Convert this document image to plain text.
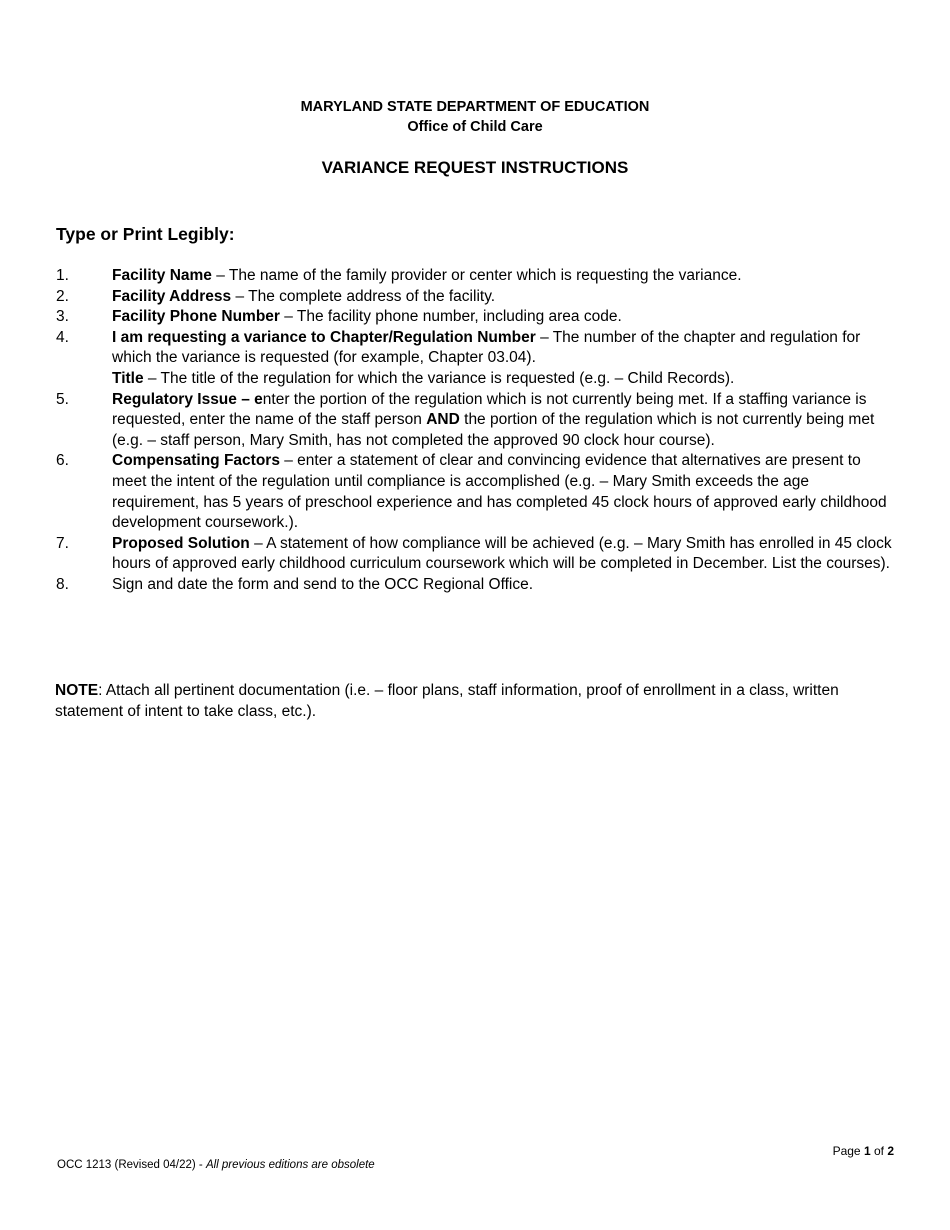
MARYLAND STATE DEPARTMENT OF EDUCATION
Office of Child Care
VARIANCE REQUEST INSTRUCTIONS
Type or Print Legibly:
1.	Facility Name – The name of the family provider or center which is requesting the variance.
2.	Facility Address – The complete address of the facility.
3.	Facility Phone Number – The facility phone number, including area code.
4.	I am requesting a variance to Chapter/Regulation Number – The number of the chapter and regulation for which the variance is requested (for example, Chapter 03.04).
Title – The title of the regulation for which the variance is requested (e.g. – Child Records).
5.	Regulatory Issue – enter the portion of the regulation which is not currently being met. If a staffing variance is requested, enter the name of the staff person AND the portion of the regulation which is not currently being met (e.g. – staff person, Mary Smith, has not completed the approved 90 clock hour course).
6.	Compensating Factors – enter a statement of clear and convincing evidence that alternatives are present to meet the intent of the regulation until compliance is accomplished (e.g. – Mary Smith exceeds the age requirement, has 5 years of preschool experience and has completed 45 clock hours of approved early childhood development coursework.).
7.	Proposed Solution – A statement of how compliance will be achieved (e.g. – Mary Smith has enrolled in 45 clock hours of approved early childhood curriculum coursework which will be completed in December. List the courses).
8.	Sign and date the form and send to the OCC Regional Office.
NOTE: Attach all pertinent documentation (i.e. – floor plans, staff information, proof of enrollment in a class, written statement of intent to take class, etc.).
Page 1 of 2
OCC 1213 (Revised 04/22) - All previous editions are obsolete
